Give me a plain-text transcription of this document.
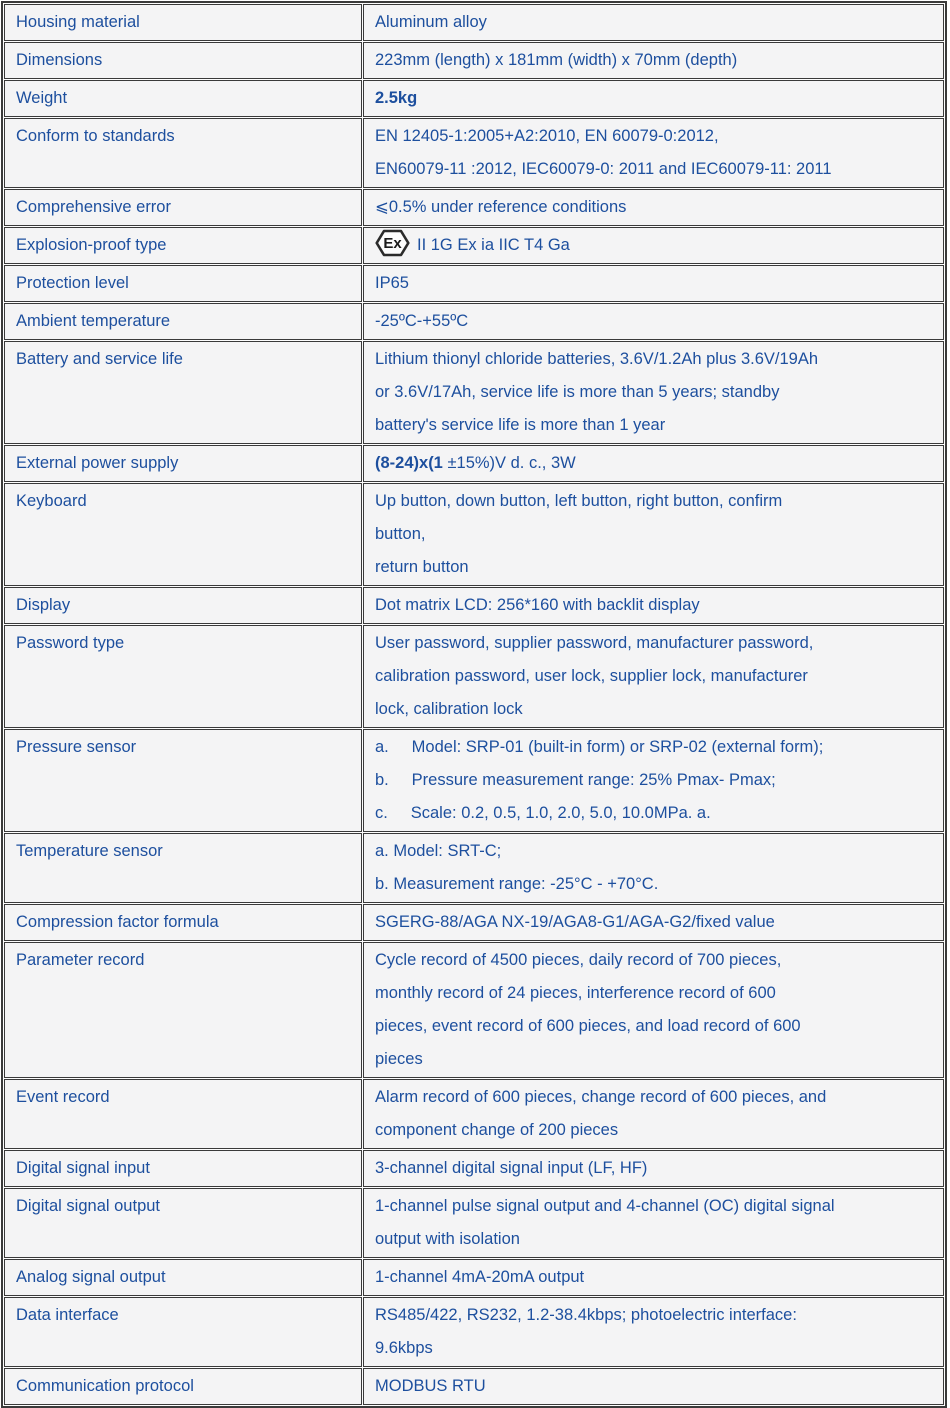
Housing material	Aluminum alloy

Dimensions	223mm (length) x 181mm (width) x 70mm (depth)

Weight	2.5kg

Conform to standards	EN 12405-1:2005+A2:2010, EN 60079-0:2012,
EN60079-11 :2012, IEC60079-0: 2011 and IEC60079-11: 2011

Comprehensive error	⩽0.5% under reference conditions

Explosion-proof type	Ex II 1G Ex ia IIC T4 Ga

Protection level	IP65

Ambient temperature	-25ºC-+55ºC

Battery and service life	Lithium thionyl chloride batteries, 3.6V/1.2Ah plus 3.6V/19Ah
or 3.6V/17Ah, service life is more than 5 years; standby
battery's service life is more than 1 year

External power supply	(8-24)x(1 ±15%)V d. c., 3W

Keyboard	Up button, down button, left button, right button, confirm
button,
return button

Display	Dot matrix LCD: 256*160 with backlit display

Password type	User password, supplier password, manufacturer password,
calibration password, user lock, supplier lock, manufacturer
lock, calibration lock

Pressure sensor	a.     Model: SRP-01 (built-in form) or SRP-02 (external form);
b.     Pressure measurement range: 25% Pmax- Pmax;
c.     Scale: 0.2, 0.5, 1.0, 2.0, 5.0, 10.0MPa. a.

Temperature sensor	a. Model: SRT-C;
b. Measurement range: -25°C - +70°C.

Compression factor formula	SGERG-88/AGA NX-19/AGA8-G1/AGA-G2/fixed value

Parameter record	Cycle record of 4500 pieces, daily record of 700 pieces,
monthly record of 24 pieces, interference record of 600
pieces, event record of 600 pieces, and load record of 600
pieces

Event record	Alarm record of 600 pieces, change record of 600 pieces, and
component change of 200 pieces

Digital signal input	3-channel digital signal input (LF, HF)

Digital signal output	1-channel pulse signal output and 4-channel (OC) digital signal
output with isolation

Analog signal output	1-channel 4mA-20mA output

Data interface	RS485/422, RS232, 1.2-38.4kbps; photoelectric interface:
9.6kbps

Communication protocol	MODBUS RTU
